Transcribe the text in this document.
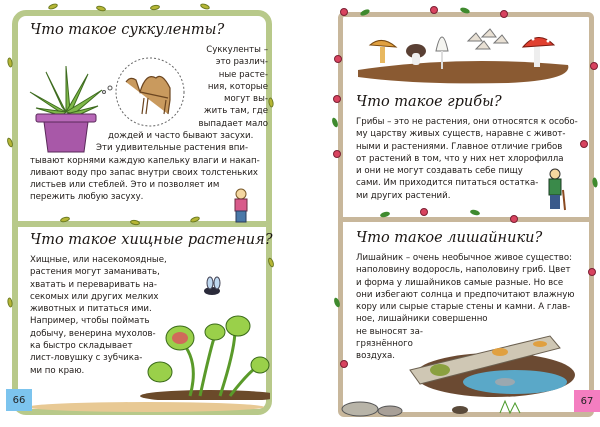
Что такое суккуленты?
Суккуленты –
это различ-
ные расте-
ния, которые
могут вы-
жить там, где
выпадает мало
дождей и часто бывают засухи.
Эти удивительные растения впи-
тывают корнями каждую капельку влаги и накап-
ливают воду про запас внутри своих толстеньких
листьев или стеблей. Это и позволяет им
пережить любую засуху.
Что такое хищные растения?
Хищные, или насекомоядные,
растения могут заманивать,
хватать и переваривать на-
секомых или других мелких
животных и питаться ими.
Например, чтобы поймать
добычу, венерина мухолов-
ка быстро складывает
лист-ловушку с зубчика-
ми по краю.
66
Что такое грибы?
Грибы – это не растения, они относятся к особо-
му царству живых существ, наравне с живот-
ными и растениями. Главное отличие грибов
от растений в том, что у них нет хлорофилла
и они не могут создавать себе пищу
сами. Им приходится питаться остатка-
ми других растений.
Что такое лишайники?
Лишайник – очень необычное живое существо:
наполовину водоросль, наполовину гриб. Цвет
и форма у лишайников самые разные. Но все
они избегают солнца и предпочитают влажную
кору или сырые старые стены и камни. А глав-
ное, лишайники совершенно
не выносят за-
грязнённого
воздуха.
67
